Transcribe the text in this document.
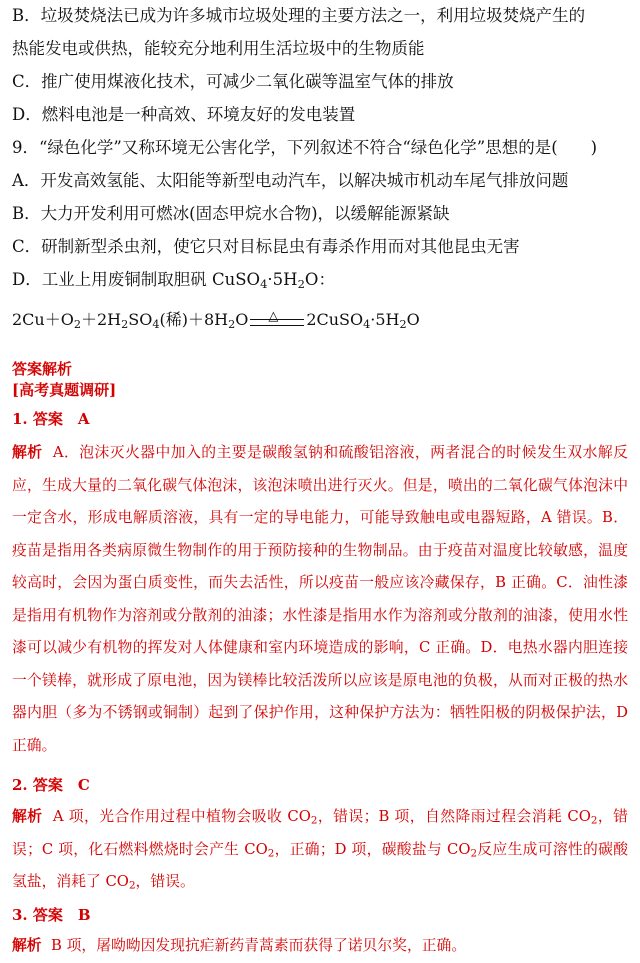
B．垃圾焚烧法已成为许多城市垃圾处理的主要方法之一，利用垃圾焚烧产生的
热能发电或供热，能较充分地利用生活垃圾中的生物质能
C．推广使用煤液化技术，可减少二氧化碳等温室气体的排放
D．燃料电池是一种高效、环境友好的发电装置
9．“绿色化学”又称环境无公害化学，下列叙述不符合“绿色化学”思想的是(　　)
A．开发高效氢能、太阳能等新型电动汽车，以解决城市机动车尾气排放问题
B．大力开发利用可燃冰(固态甲烷水合物)，以缓解能源紧缺
C．研制新型杀虫剂，使它只对目标昆虫有毒杀作用而对其他昆虫无害
D．工业上用废铜制取胆矾 $CuSO_4\cdot 5H_2O$：
$2Cu+O_2+2H_2SO_4$(稀)$+8H_2O$ △ $2CuSO_4\cdot 5H_2O$
答案解析
[高考真题调研]
1. 答案　A
解析 A．泡沫灭火器中加入的主要是碳酸氢钠和硫酸铝溶液，两者混合的时候发生双水解反应，生成大量的二氧化碳气体泡沫，该泡沫喷出进行灭火。但是，喷出的二氧化碳气体泡沫中一定含水，形成电解质溶液，具有一定的导电能力，可能导致触电或电器短路，A 错误。B．疫苗是指用各类病原微生物制作的用于预防接种的生物制品。由于疫苗对温度比较敏感，温度较高时，会因为蛋白质变性，而失去活性，所以疫苗一般应该冷藏保存，B 正确。C．油性漆是指用有机物作为溶剂或分散剂的油漆；水性漆是指用水作为溶剂或分散剂的油漆，使用水性漆可以减少有机物的挥发对人体健康和室内环境造成的影响，C 正确。D．电热水器内胆连接一个镁棒，就形成了原电池，因为镁棒比较活泼所以应该是原电池的负极，从而对正极的热水器内胆（多为不锈钢或铜制）起到了保护作用，这种保护方法为：牺牲阳极的阴极保护法，D 正确。
2. 答案　C
解析 A 项，光合作用过程中植物会吸收 $CO_2$，错误；B 项，自然降雨过程会消耗 $CO_2$，错误；C 项，化石燃料燃烧时会产生 $CO_2$，正确；D 项，碳酸盐与 $CO_2$反应生成可溶性的碳酸氢盐，消耗了 $CO_2$，错误。
3. 答案　B
解析 B 项，屠呦呦因发现抗疟新药青蒿素而获得了诺贝尔奖，正确。
